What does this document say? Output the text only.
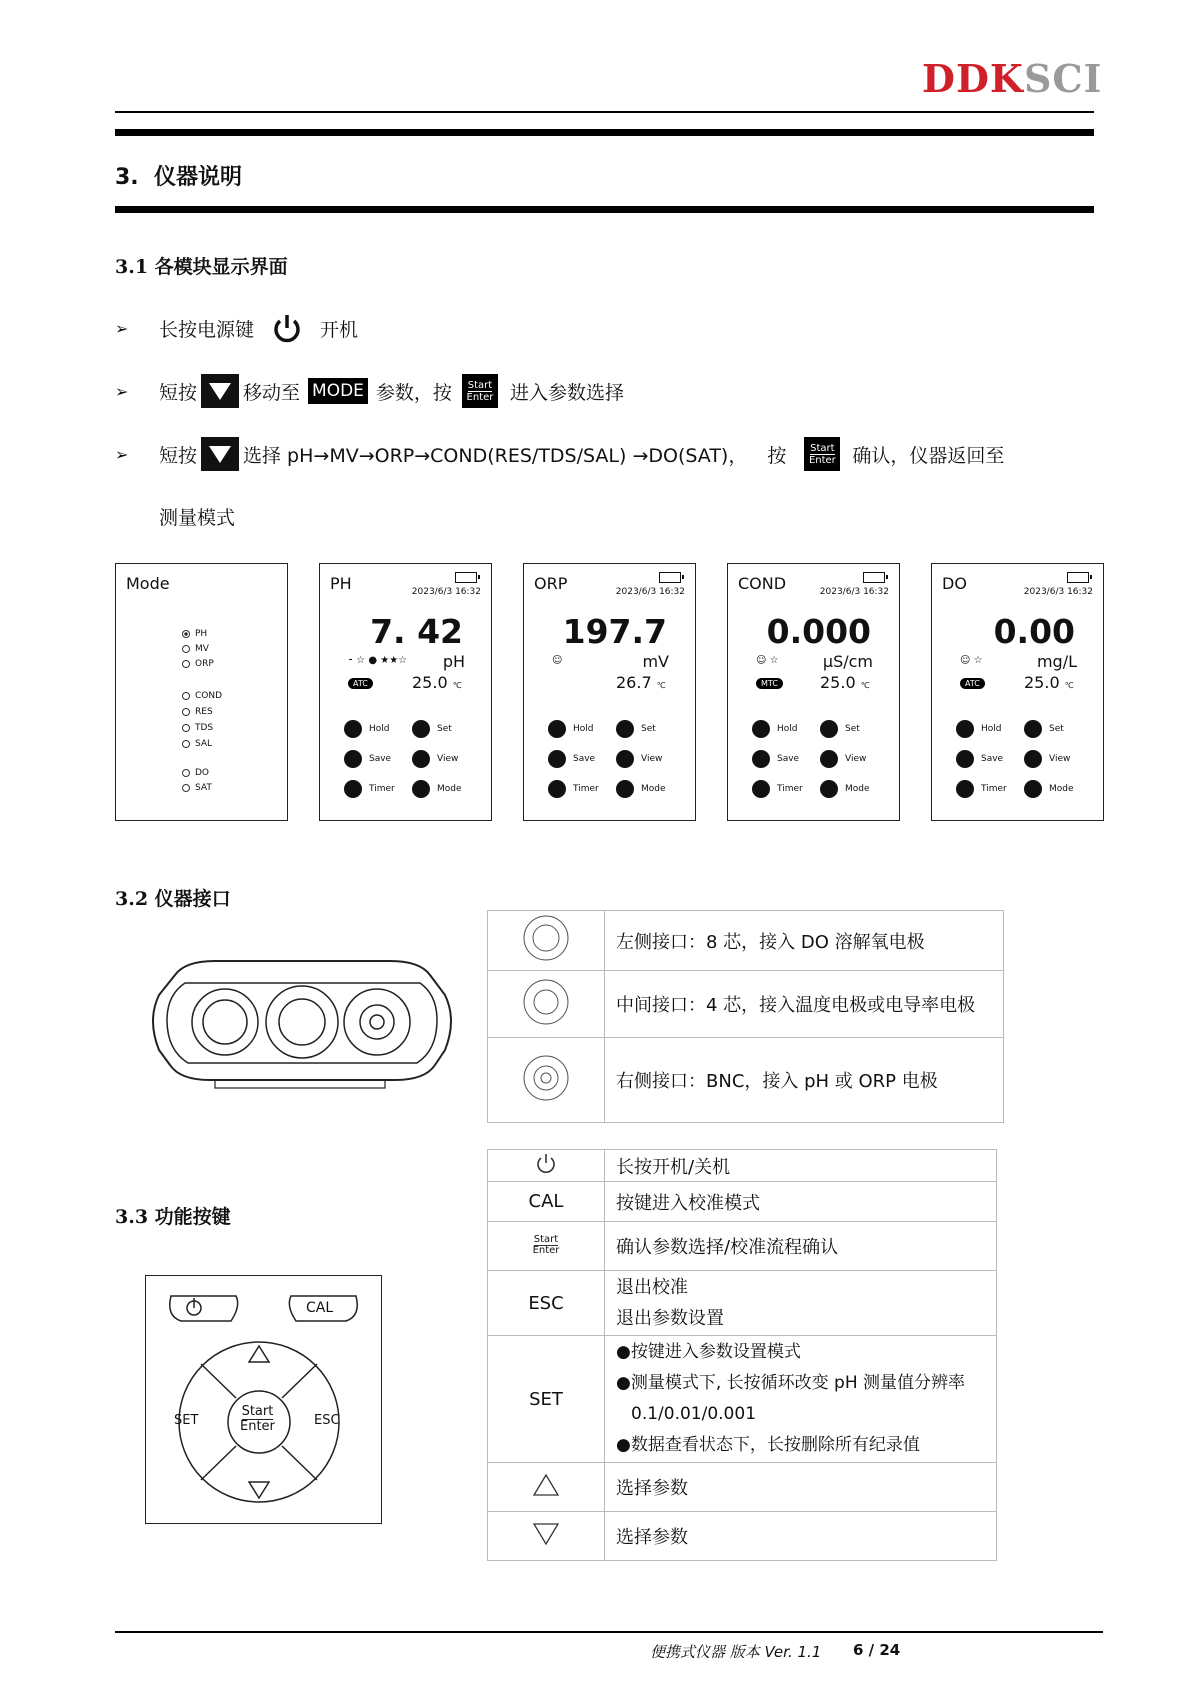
DDKSCI
3. 仪器说明
3.1 各模块显示界面
➢	长按电源键	开机
➢	短按 移动至 MODE 参数，按 Start
Enter 进入参数选择
➢	短按 选择 pH→MV→ORP→COND(RES/TDS/SAL) →DO(SAT)， 按 Start
Enter 确认，仪器返回至
测量模式
Mode
PH
MV
ORP
COND
RES
TDS
SAL
DO
SAT
PH	2023/6/3 16:32
7. 42
⁃ ☆ ● ★★☆ pH
ATC	25.0 ℃
Hold	Set
Save	View
Timer	Mode
ORP	2023/6/3 16:32
197.7
☺	mV
26.7 ℃
Hold	Set
Save	View
Timer	Mode
COND	2023/6/3 16:32
0.000
☺ ☆	μS/cm
MTC	25.0 ℃
Hold	Set
Save	View
Timer	Mode
DO	2023/6/3 16:32
0.00
☺ ☆	mg/L
ATC	25.0 ℃
Hold	Set
Save	View
Timer	Mode
3.2 仪器接口
	左侧接口：8 芯，接入 DO 溶解氧电极
	中间接口：4 芯，接入温度电极或电导率电极
	右侧接口：BNC，接入 pH 或 ORP 电极
3.3 功能按键
CAL
SET	ESC
Start
Enter
	长按开机/关机
CAL	按键进入校准模式
Start
Enter	确认参数选择/校准流程确认
ESC	退出校准
退出参数设置
SET	●按键进入参数设置模式
●测量模式下, 长按循环改变 pH 测量值分辨率
0.1/0.01/0.001
●数据查看状态下，长按删除所有纪录值
	选择参数
	选择参数
便携式仪器 版本 Ver. 1.1 6 / 24
